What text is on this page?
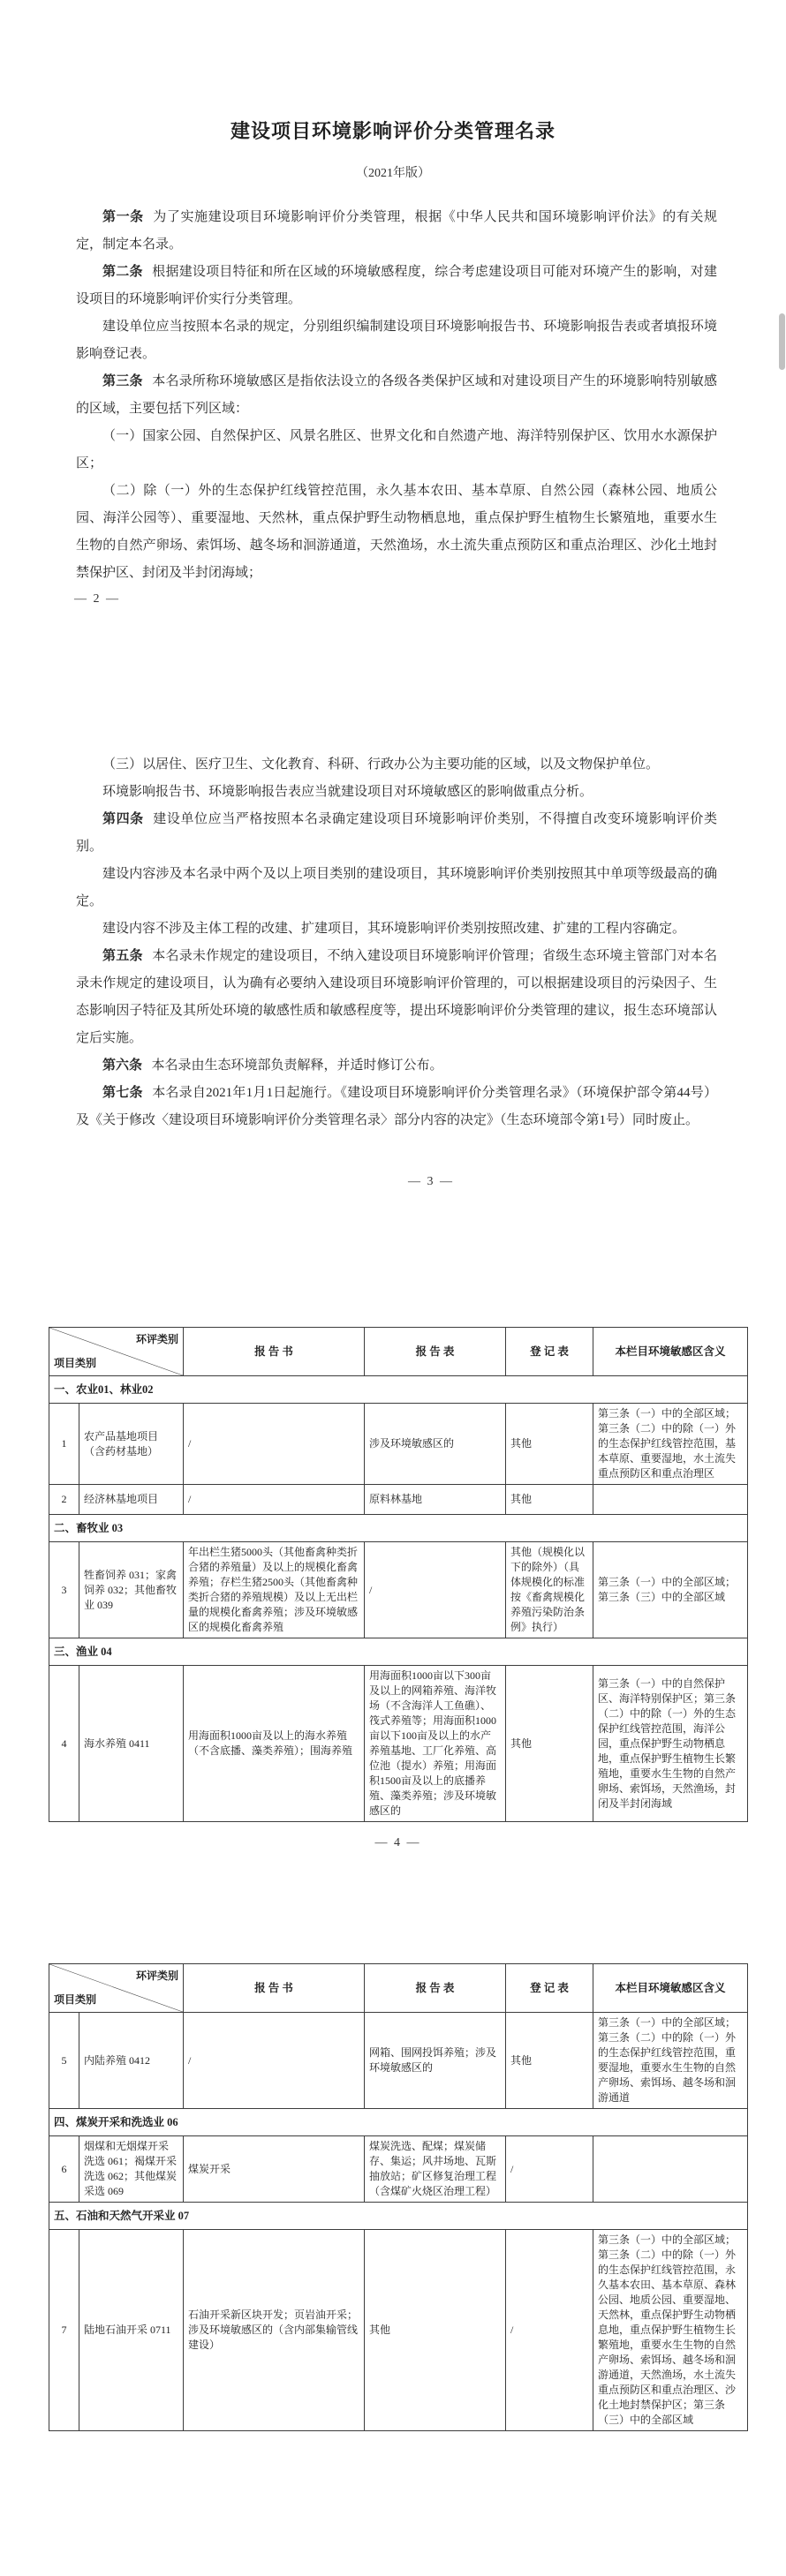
建设项目环境影响评价分类管理名录
（2021年版）

第一条 为了实施建设项目环境影响评价分类管理，根据《中华人民共和国环境影响评价法》的有关规定，制定本名录。

第二条 根据建设项目特征和所在区域的环境敏感程度，综合考虑建设项目可能对环境产生的影响，对建设项目的环境影响评价实行分类管理。

建设单位应当按照本名录的规定，分别组织编制建设项目环境影响报告书、环境影响报告表或者填报环境影响登记表。

第三条 本名录所称环境敏感区是指依法设立的各级各类保护区域和对建设项目产生的环境影响特别敏感的区域，主要包括下列区域：

（一）国家公园、自然保护区、风景名胜区、世界文化和自然遗产地、海洋特别保护区、饮用水水源保护区；

（二）除（一）外的生态保护红线管控范围，永久基本农田、基本草原、自然公园（森林公园、地质公园、海洋公园等）、重要湿地、天然林，重点保护野生动物栖息地，重点保护野生植物生长繁殖地，重要水生生物的自然产卵场、索饵场、越冬场和洄游通道，天然渔场，水土流失重点预防区和重点治理区、沙化土地封禁保护区、封闭及半封闭海域；

— 2 —

（三）以居住、医疗卫生、文化教育、科研、行政办公为主要功能的区域，以及文物保护单位。

环境影响报告书、环境影响报告表应当就建设项目对环境敏感区的影响做重点分析。

第四条 建设单位应当严格按照本名录确定建设项目环境影响评价类别，不得擅自改变环境影响评价类别。

建设内容涉及本名录中两个及以上项目类别的建设项目，其环境影响评价类别按照其中单项等级最高的确定。

建设内容不涉及主体工程的改建、扩建项目，其环境影响评价类别按照改建、扩建的工程内容确定。

第五条 本名录未作规定的建设项目，不纳入建设项目环境影响评价管理；省级生态环境主管部门对本名录未作规定的建设项目，认为确有必要纳入建设项目环境影响评价管理的，可以根据建设项目的污染因子、生态影响因子特征及其所处环境的敏感性质和敏感程度等，提出环境影响评价分类管理的建议，报生态环境部认定后实施。

第六条 本名录由生态环境部负责解释，并适时修订公布。

第七条 本名录自2021年1月1日起施行。《建设项目环境影响评价分类管理名录》（环境保护部令第44号）及《关于修改〈建设项目环境影响评价分类管理名录〉部分内容的决定》（生态环境部令第1号）同时废止。

— 3 —
环评类别
项目类别		报 告 书	报 告 表	登 记 表	本栏目环境敏感区含义
一、农业01、林业02					
1	农产品基地项目（含药材基地）	/	涉及环境敏感区的	其他	第三条（一）中的全部区域；第三条（二）中的除（一）外的生态保护红线管控范围，基本草原、重要湿地，水土流失重点预防区和重点治理区
2	经济林基地项目	/	原料林基地	其他	
二、畜牧业 03					
3	牲畜饲养 031；家禽饲养 032；其他畜牧业 039	年出栏生猪5000头（其他畜禽种类折合猪的养殖量）及以上的规模化畜禽养殖；存栏生猪2500头（其他畜禽种类折合猪的养殖规模）及以上无出栏量的规模化畜禽养殖；涉及环境敏感区的规模化畜禽养殖	/	其他（规模化以下的除外）（具体规模化的标准按《畜禽规模化养殖污染防治条例》执行）	第三条（一）中的全部区域；第三条（三）中的全部区域
三、渔业 04					
4	海水养殖 0411	用海面积1000亩及以上的海水养殖（不含底播、藻类养殖）；围海养殖	用海面积1000亩以下300亩及以上的网箱养殖、海洋牧场（不含海洋人工鱼礁）、筏式养殖等；用海面积1000亩以下100亩及以上的水产养殖基地、工厂化养殖、高位池（提水）养殖；用海面积1500亩及以上的底播养殖、藻类养殖；涉及环境敏感区的	其他	第三条（一）中的自然保护区、海洋特别保护区；第三条（二）中的除（一）外的生态保护红线管控范围，海洋公园，重点保护野生动物栖息地，重点保护野生植物生长繁殖地，重要水生生物的自然产卵场、索饵场，天然渔场，封闭及半封闭海域
— 4 —
环评类别
项目类别		报 告 书	报 告 表	登 记 表	本栏目环境敏感区含义
5	内陆养殖 0412	/	网箱、围网投饵养殖；涉及环境敏感区的	其他	第三条（一）中的全部区域；第三条（二）中的除（一）外的生态保护红线管控范围，重要湿地，重要水生生物的自然产卵场、索饵场、越冬场和洄游通道
四、煤炭开采和洗选业 06					
6	烟煤和无烟煤开采洗选 061；褐煤开采洗选 062；其他煤炭采选 069	煤炭开采	煤炭洗选、配煤；煤炭储存、集运；风井场地、瓦斯抽放站；矿区修复治理工程（含煤矿火烧区治理工程）	/	
五、石油和天然气开采业 07					
7	陆地石油开采 0711	石油开采新区块开发；页岩油开采；涉及环境敏感区的（含内部集输管线建设）	其他	/	第三条（一）中的全部区域；第三条（二）中的除（一）外的生态保护红线管控范围，永久基本农田、基本草原、森林公园、地质公园、重要湿地、天然林，重点保护野生动物栖息地，重点保护野生植物生长繁殖地，重要水生生物的自然产卵场、索饵场、越冬场和洄游通道，天然渔场，水土流失重点预防区和重点治理区、沙化土地封禁保护区；第三条（三）中的全部区域
